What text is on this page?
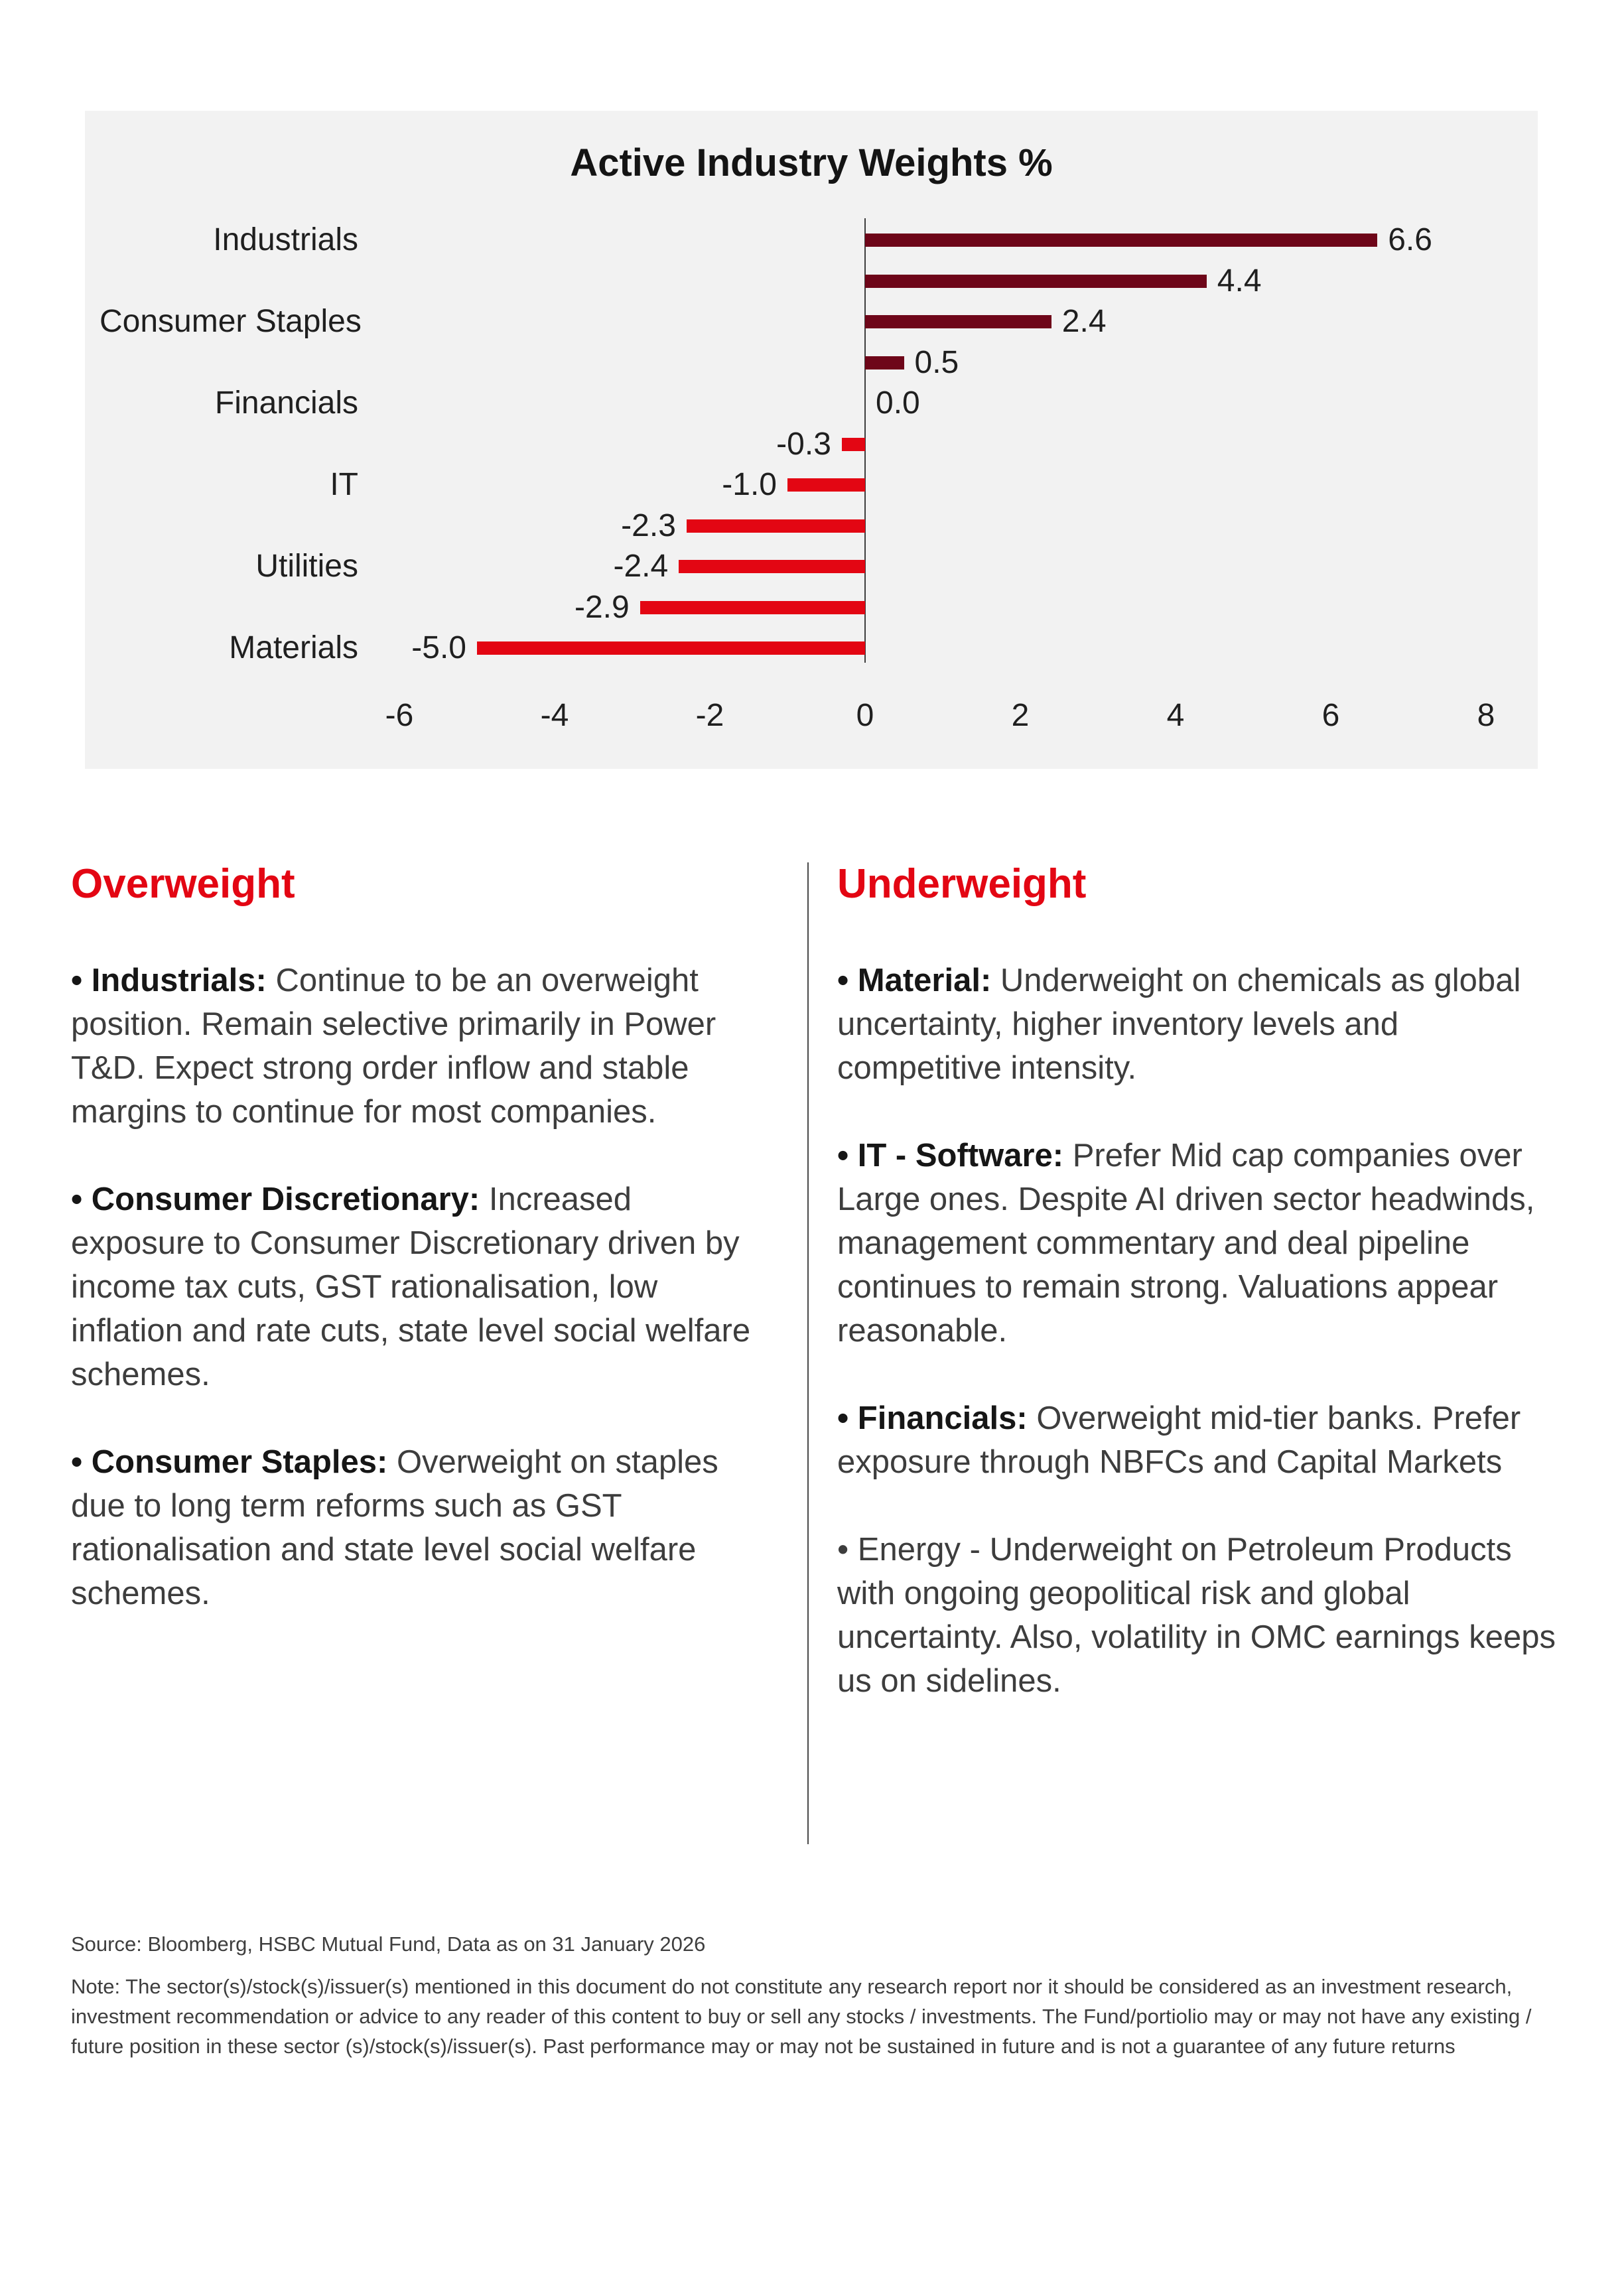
Active Industry Weights %
6.6
4.4
2.4
0.5
0.0
-0.3
-1.0
-2.3
-2.4
-2.9
-5.0
Industrials
Consumer Staples
Financials
IT
Utilities
Materials
-6	-4	-2	0	2	4	6	8
Overweight

• Industrials: Continue to be an overweight position. Remain selective primarily in Power T&D. Expect strong order inflow and stable margins to continue for most companies.

• Consumer Discretionary: Increased exposure to Consumer Discretionary driven by income tax cuts, GST rationalisation, low inflation and rate cuts, state level social welfare schemes.

• Consumer Staples: Overweight on staples due to long term reforms such as GST rationalisation and state level social welfare schemes.

Underweight

• Material: Underweight on chemicals as global uncertainty, higher inventory levels and competitive intensity.

• IT - Software: Prefer Mid cap companies over Large ones. Despite AI driven sector headwinds, management commentary and deal pipeline continues to remain strong. Valuations appear reasonable.

• Financials: Overweight mid-tier banks. Prefer exposure through NBFCs and Capital Markets

• Energy - Underweight on Petroleum Products with ongoing geopolitical risk and global uncertainty. Also, volatility in OMC earnings keeps us on sidelines.

Source: Bloomberg, HSBC Mutual Fund, Data as on 31 January 2026

Note: The sector(s)/stock(s)/issuer(s) mentioned in this document do not constitute any research report nor it should be considered as an investment research, investment recommendation or advice to any reader of this content to buy or sell any stocks / investments. The Fund/portiolio may or may not have any existing / future position in these sector (s)/stock(s)/issuer(s). Past performance may or may not be sustained in future and is not a guarantee of any future returns
